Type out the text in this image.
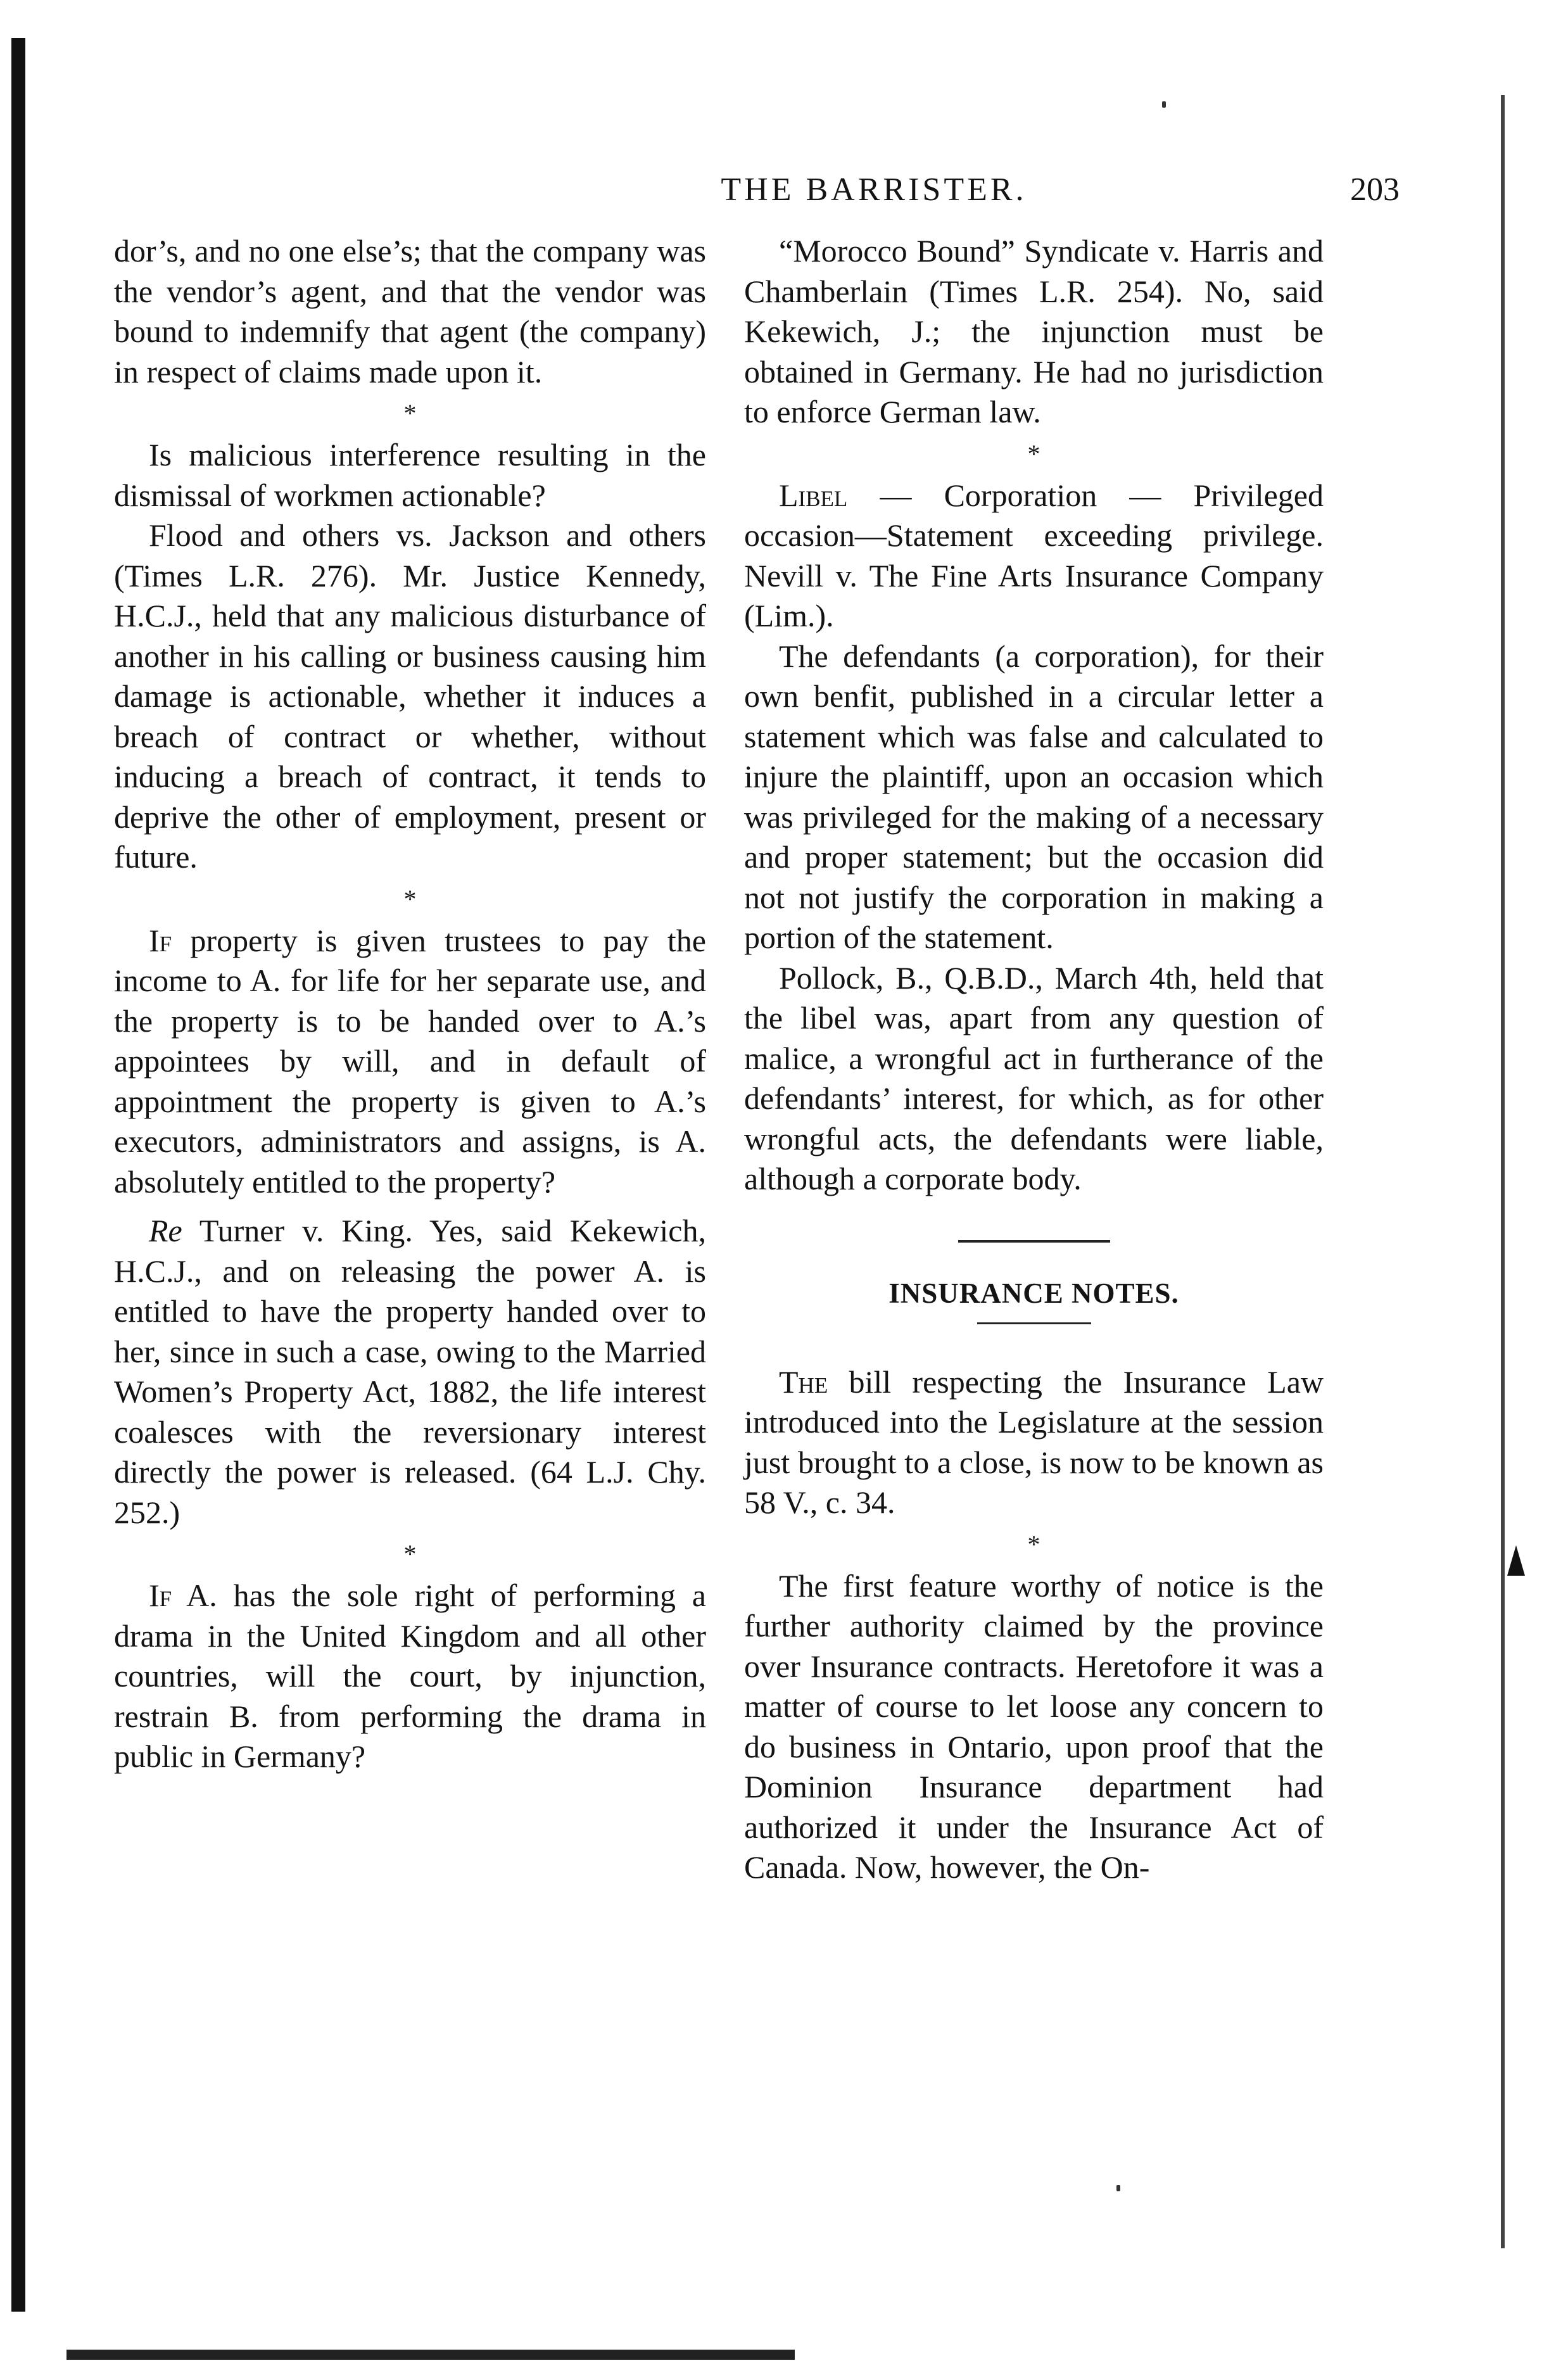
THE BARRISTER.	203

dor’s, and no one else’s; that the company was the vendor’s agent, and that the vendor was bound to indemnify that agent (the company) in respect of claims made upon it.

*

Is malicious interference resulting in the dismissal of workmen actionable?

Flood and others vs. Jackson and others (Times L.R. 276). Mr. Justice Kennedy, H.C.J., held that any malicious disturbance of another in his calling or business causing him damage is actionable, whether it induces a breach of contract or whether, without inducing a breach of contract, it tends to deprive the other of employment, present or future.

*

If property is given trustees to pay the income to A. for life for her separate use, and the property is to be handed over to A.’s appointees by will, and in default of appointment the property is given to A.’s executors, administrators and assigns, is A. absolutely entitled to the property?

Re Turner v. King. Yes, said Kekewich, H.C.J., and on releasing the power A. is entitled to have the property handed over to her, since in such a case, owing to the Married Women’s Property Act, 1882, the life interest coalesces with the reversionary interest directly the power is released. (64 L.J. Chy. 252.)

*

If A. has the sole right of performing a drama in the United Kingdom and all other countries, will the court, by injunction, restrain B. from performing the drama in public in Germany?

“Morocco Bound” Syndicate v. Harris and Chamberlain (Times L.R. 254). No, said Kekewich, J.; the injunction must be obtained in Germany. He had no jurisdiction to enforce German law.

*

Libel — Corporation — Privileged occasion—Statement exceeding privilege. Nevill v. The Fine Arts Insurance Company (Lim.).

The defendants (a corporation), for their own benfit, published in a circular letter a statement which was false and calculated to injure the plaintiff, upon an occasion which was privileged for the making of a necessary and proper statement; but the occasion did not not justify the corporation in making a portion of the statement.

Pollock, B., Q.B.D., March 4th, held that the libel was, apart from any question of malice, a wrongful act in furtherance of the defendants’ interest, for which, as for other wrongful acts, the defendants were liable, although a corporate body.

INSURANCE NOTES.

The bill respecting the Insurance Law introduced into the Legislature at the session just brought to a close, is now to be known as 58 V., c. 34.

*

The first feature worthy of notice is the further authority claimed by the province over Insurance contracts. Heretofore it was a matter of course to let loose any concern to do business in Ontario, upon proof that the Dominion Insurance department had authorized it under the Insurance Act of Canada. Now, however, the On-
